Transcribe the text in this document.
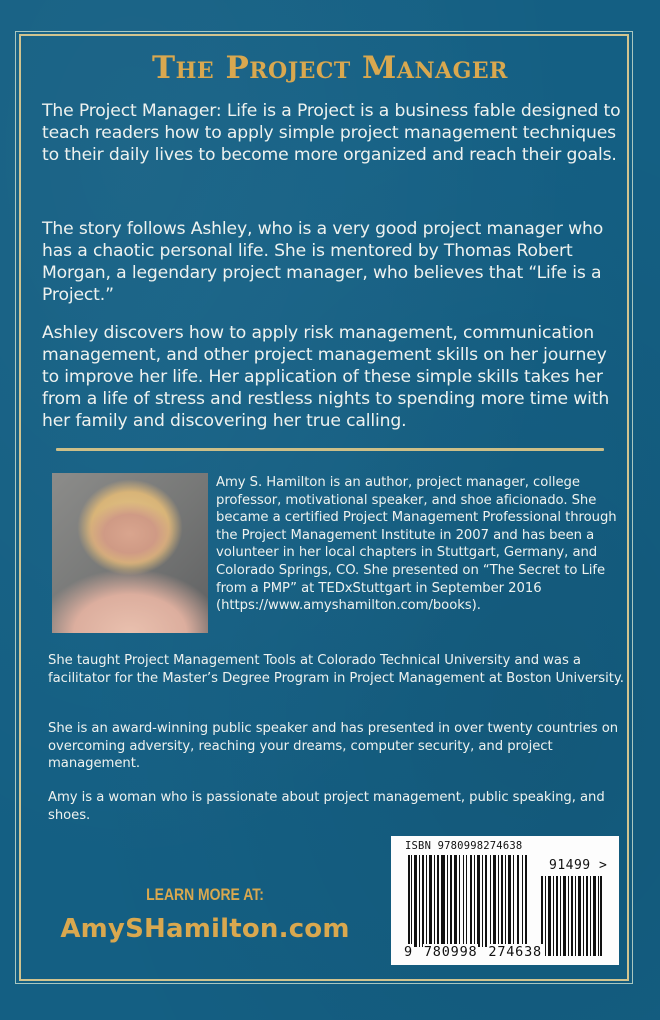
The Project Manager

The Project Manager: Life is a Project is a business fable designed to teach readers how to apply simple project management techniques to their daily lives to become more organized and reach their goals.

The story follows Ashley, who is a very good project manager who has a chaotic personal life. She is mentored by Thomas Robert Morgan, a legendary project manager, who believes that “Life is a Project.”

Ashley discovers how to apply risk management, communication management, and other project management skills on her journey to improve her life. Her application of these simple skills takes her from a life of stress and restless nights to spending more time with her family and discovering her true calling.

Amy S. Hamilton is an author, project manager, college professor, motivational speaker, and shoe aficionado. She became a certified Project Management Professional through the Project Management Institute in 2007 and has been a volunteer in her local chapters in Stuttgart, Germany, and Colorado Springs, CO. She presented on “The Secret to Life from a PMP” at TEDxStuttgart in September 2016 (https://www.amyshamilton.com/books).

She taught Project Management Tools at Colorado Technical University and was a facilitator for the Master’s Degree Program in Project Management at Boston University.

She is an award-winning public speaker and has presented in over twenty countries on overcoming adversity, reaching your dreams, computer security, and project management.

Amy is a woman who is passionate about project management, public speaking, and shoes.

LEARN MORE AT:
AmySHamilton.com
ISBN 9780998274638
91499 >
9 780998 274638
